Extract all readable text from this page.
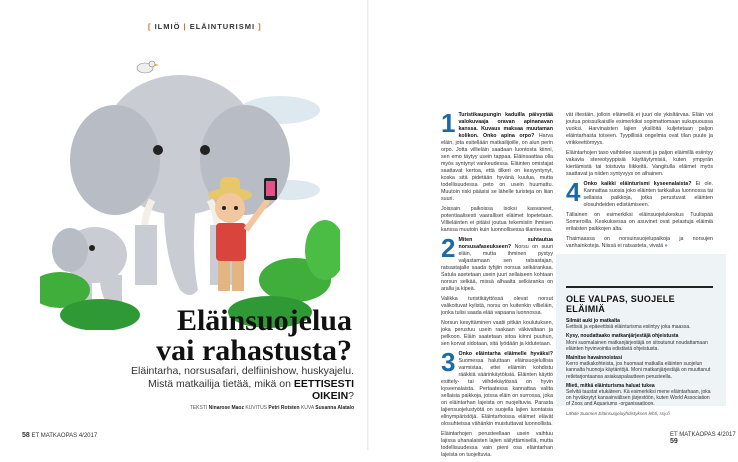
[ ILMIÖ | ELÄINTURISMI ]
Eläinsuojelua
vai rahastusta?
Eläintarha, norsusafari, delfiinishow, huskyajelu.
Mistä matkailija tietää, mikä on EETTISESTI OIKEIN?
TEKSTI Ninarose Maoz KUVITUS Petri Rotsten KUVA Susanna Alatalo
58 ET MATKAOPAS 4/2017

1 Turistikaupungin kaduilla päivystää valokuvaaja oravan apinanavan kanssa. Kuvaus maksaa muutaman kolikon. Onko apina orpo? Harva eläin, jota esitellään matkailijoille, on alun perin orpo. Jotta villieläin saadaan luontosta kiinni, sen emo täytyy usein tappaa. Eläinsaattaa olla myös syntynyt vankeudessa. Eläinten omistajat saattavat kertoa, että tilkeri on kesyyntynyt, koska sitä pidetään hyvänä kuulua, mutta todellisuudessa peto on usein huumattu. Muutoin riski pääsisi se lähelle turisteja on liian suuri.

Joissain paikoissa isoksi kasvaneet, potentiaalisesti vaaralliset eläimet lopetetaan. Villieläinten ei pitäisi joutua tekemisiin ihmisen kanssa muutoin kuin luonnollisessa tilanteessa.

2 Miten suhtautua norsusafaseukseen? Norsu on suuri eläin, mutta ihminen pystyy valjastamaan sen ratsastajan, ratsastajalle saada tyhjiin norsua selkärankaa. Satula asetetaan usein juuri sellaiseen kohtaan norsun selkää, missä alhaalta selkäranka on aralla ja kipeä.

Valikka turistikäyttössä olevat norsut valikoituvat kylistä, norsu on kuitenkin villieläin, jonka tulisi saada elää vapaana luonnossa.

Norsun kesyttäminen vaatii pitkän koulutuksen, joka perustuu usein raakaan väkivaltaan ja pelkoon. Eläin saatetaan sitoa kiinni puuhun, sen korvat sidotaan, sitä lyödään ja kidutetaan.

3 Onko eläintarha eläimelle hyväksi? Suomessa haluttaan eläinsuojelullisia varmistaa, ettei eläimiin kohdistu rääkkiä väärinkäytöksiä. Eläinten käyttö esittely- tai viihdekäytössä on hyvin kyseenalaista. Pertaatessa kannattaa valita sellaisia paikkoja, joissa eläin on surrossa, joka on eläintarhan lajeista on nuojeltuvia. Parasta lajiensuojelustyötä on suojella lajien luontaisia elinympäristöjä. Eläintarhoissa eläimet elävät olosuhteissa vähänkin muistuttavat luonnollista.

Eläintarhojen perusteellaan usein vaihtuu lajissa uhanalaisten lajien säilyttämisellä, mutta todellisuudessa vain pieni osa eläintarhan lajeista on tuojeltuvia.

vät iltestäin, jolloin eläimellä ei juuri ole ykisltärvaa. Eläin voi joutua poissulkaisille esimerkiksi sopimattomaan sukupuoussa vuoksi. Harvinaisten lajien yksilöitä kuljetetaan paljon eläintarhasta toiseen. Tyypillisiä ongelmia ovat tilan puute ja virikkeettömyys.

Eläintarhojen taso vaihtelee suuresti ja paljon eläimillä esiintyy vakavia stereotyyppisiä käyttäytymisiä, kuten ympyrän kiertämistä tai toistuvia liikkeitä. Vangitulla eläimet myös saattavat ja niiden syntyvyys on alhainen.

4 Onko kaikki eläinturismi kyseenalaista? Ei ole. Kannattaa suosia joko eläinten tarkkailua luonnossa tai sellaisia paikkoja, jotka perustuvat eläinten olosuhdeiden edistämiseen.

Tällainen on esimerkiksi eläinsuojelukeskus Tuulispää Someroilla. Keskuksessa on asuvinet ovat pelastuja eläimiä erilaisten paikkojen alta.

Thaimaassa on norsuinsuojelupaikoja ja norsujen vanhainkoteja. Niissä ei ratsasteta, vivatä »

OLE VALPAS, SUOJELE ELÄIMIÄ
Silmät auki jo matkalta
Eettisiä ja epäeettisiä eläinturisma esiintyy joka maassa.
Kysy, noudattaako matkanjärjestäjä ohjeistusta
Moni suomalainen matkanjärjestäjä on sitoutunut noudattamaan eläinten hyvinvointia edistäviä ohjeistusta.
Mainitse havainnoistasi
Kerro matkakohteista, jos huomaat matkalla eläinten suojelun kannalta huonoja käytäntöjä. Moni matkanjärjestäjä on muuttanut retkitarjontaansa asiakaspalautteen perusteella.
Mieti, mitkä eläinturisma haluat tukea
Selvitä taustat etukäteen. Kä esimerkiksi mene eläintarhaan, joka on hyväksytyt kansainvälisen järjestöön, kuten World Association of Zoos and Aquariums -organisaatioon.
Lähde Suomen Eläinsuojeluyhdistyksen lehti, ssy.fi
ET MATKAOPAS 4/2017 59
